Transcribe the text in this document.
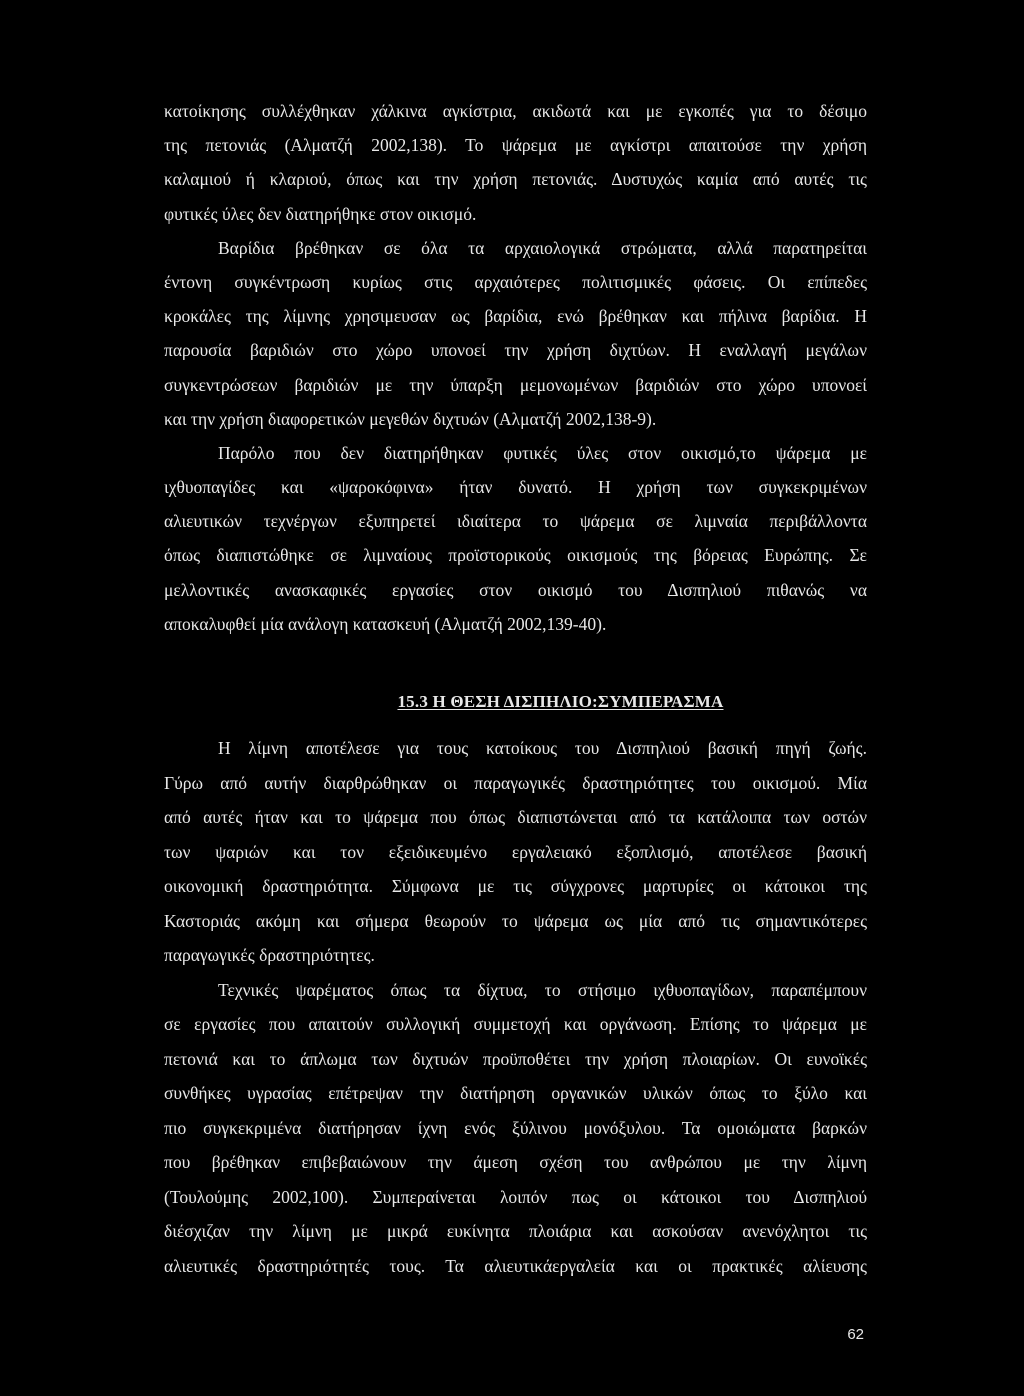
κατοίκησης συλλέχθηκαν χάλκινα αγκίστρια, ακιδωτά και με εγκοπές για το δέσιμο
της πετονιάς (Αλματζή 2002,138). Το ψάρεμα με αγκίστρι απαιτούσε την χρήση
καλαμιού ή κλαριού, όπως και την χρήση πετονιάς. Δυστυχώς καμία από αυτές τις
φυτικές ύλες δεν διατηρήθηκε στον οικισμό.
Βαρίδια βρέθηκαν σε όλα τα αρχαιολογικά στρώματα, αλλά παρατηρείται
έντονη συγκέντρωση κυρίως στις αρχαιότερες πολιτισμικές φάσεις. Οι επίπεδες
κροκάλες της λίμνης χρησιμευσαν ως βαρίδια, ενώ βρέθηκαν και πήλινα βαρίδια. Η
παρουσία βαριδιών στο χώρο υπονοεί την χρήση διχτύων. Η εναλλαγή μεγάλων
συγκεντρώσεων βαριδιών με την ύπαρξη μεμονωμένων βαριδιών στο χώρο υπονοεί
και την χρήση διαφορετικών μεγεθών διχτυών (Αλματζή 2002,138-9).
Παρόλο που δεν διατηρήθηκαν φυτικές ύλες στον οικισμό,το ψάρεμα με
ιχθυοπαγίδες και «ψαροκόφινα» ήταν δυνατό. Η χρήση των συγκεκριμένων
αλιευτικών τεχνέργων εξυπηρετεί ιδιαίτερα το ψάρεμα σε λιμναία περιβάλλοντα
όπως διαπιστώθηκε σε λιμναίους προϊστορικούς οικισμούς της βόρειας Ευρώπης. Σε
μελλοντικές ανασκαφικές εργασίες στον οικισμό του Δισπηλιού πιθανώς να
αποκαλυφθεί μία ανάλογη κατασκευή (Αλματζή 2002,139-40).
15.3 Η ΘΕΣΗ ΔΙΣΠΗΛΙΟ:ΣΥΜΠΕΡΑΣΜΑ
Η λίμνη αποτέλεσε για τους κατοίκους του Δισπηλιού βασική πηγή ζωής.
Γύρω από αυτήν διαρθρώθηκαν οι παραγωγικές δραστηριότητες του οικισμού. Μία
από αυτές ήταν και το ψάρεμα που όπως διαπιστώνεται από τα κατάλοιπα των οστών
των ψαριών και τον εξειδικευμένο εργαλειακό εξοπλισμό, αποτέλεσε βασική
οικονομική δραστηριότητα. Σύμφωνα με τις σύγχρονες μαρτυρίες οι κάτοικοι της
Καστοριάς ακόμη και σήμερα θεωρούν το ψάρεμα ως μία από τις σημαντικότερες
παραγωγικές δραστηριότητες.
Τεχνικές ψαρέματος όπως τα δίχτυα, το στήσιμο ιχθυοπαγίδων, παραπέμπουν
σε εργασίες που απαιτούν συλλογική συμμετοχή και οργάνωση. Επίσης το ψάρεμα με
πετονιά και το άπλωμα των διχτυών προϋποθέτει την χρήση πλοιαρίων. Οι ευνοϊκές
συνθήκες υγρασίας επέτρεψαν την διατήρηση οργανικών υλικών όπως το ξύλο και
πιο συγκεκριμένα διατήρησαν ίχνη ενός ξύλινου μονόξυλου. Τα ομοιώματα βαρκών
που βρέθηκαν επιβεβαιώνουν την άμεση σχέση του ανθρώπου με την λίμνη
(Τουλούμης 2002,100). Συμπεραίνεται λοιπόν πως οι κάτοικοι του Δισπηλιού
διέσχιζαν την λίμνη με μικρά ευκίνητα πλοιάρια και ασκούσαν ανενόχλητοι τις
αλιευτικές δραστηριότητές τους. Τα αλιευτικάεργαλεία και οι πρακτικές αλίευσης
62
